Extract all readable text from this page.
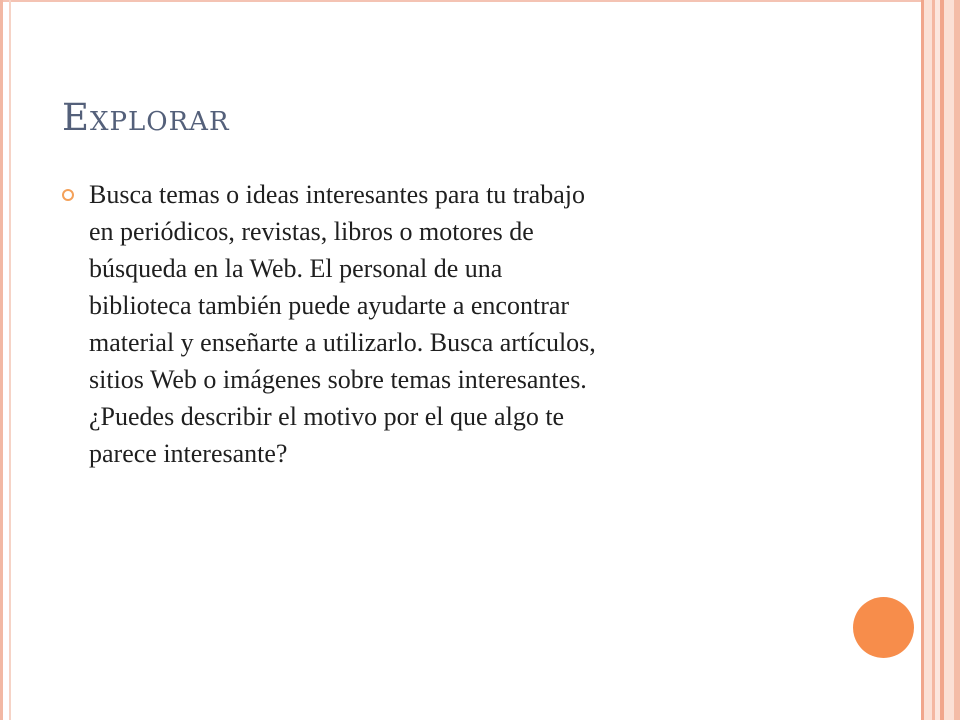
Explorar
Busca temas o ideas interesantes para tu trabajo
en periódicos, revistas, libros o motores de
búsqueda en la Web. El personal de una
biblioteca también puede ayudarte a encontrar
material y enseñarte a utilizarlo. Busca artículos,
sitios Web o imágenes sobre temas interesantes.
¿Puedes describir el motivo por el que algo te
parece interesante?
